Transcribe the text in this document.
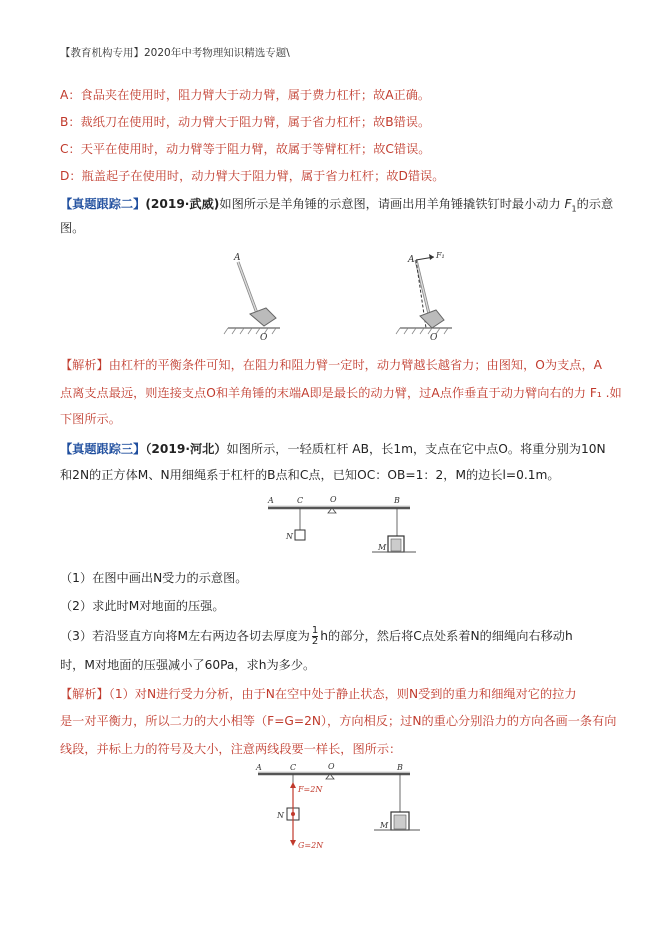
【教育机构专用】2020年中考物理知识精选专题\
A：食品夹在使用时，阻力臂大于动力臂，属于费力杠杆；故A正确。
B：裁纸刀在使用时，动力臂大于阻力臂，属于省力杠杆；故B错误。
C：天平在使用时，动力臂等于阻力臂，故属于等臂杠杆；故C错误。
D：瓶盖起子在使用时，动力臂大于阻力臂，属于省力杠杆；故D错误。
【真题跟踪二】(2019·武威)如图所示是羊角锤的示意图，请画出用羊角锤撬铁钉时最小动力 $F_1$的示意
图。
A
O
A	F₁
O
【解析】由杠杆的平衡条件可知，在阻力和阻力臂一定时，动力臂越长越省力；由图知，O为支点，A
点离支点最远，则连接支点O和羊角锤的末端A即是最长的动力臂，过A点作垂直于动力臂向右的力 F₁ .如
下图所示。
【真题跟踪三】（2019·河北）如图所示，一轻质杠杆 AB，长1m，支点在它中点O。将重分别为10N
和2N的正方体M、N用细绳系于杠杆的B点和C点，已知OC：OB=1：2，M的边长l=0.1m。
A	C	O	B
N
M
（1）在图中画出N受力的示意图。
（2）求此时M对地面的压强。
（3）若沿竖直方向将M左右两边各切去厚度为 $\frac{1}{2}$ h的部分，然后将C点处系着N的细绳向右移动h
时，M对地面的压强减小了60Pa，求h为多少。
【解析】（1）对N进行受力分析，由于N在空中处于静止状态，则N受到的重力和细绳对它的拉力
是一对平衡力，所以二力的大小相等（F=G=2N），方向相反；过N的重心分别沿力的方向各画一条有向
线段，并标上力的符号及大小，注意两线段要一样长，图所示：
A	C	O	B
N
M
F=2N
G=2N
